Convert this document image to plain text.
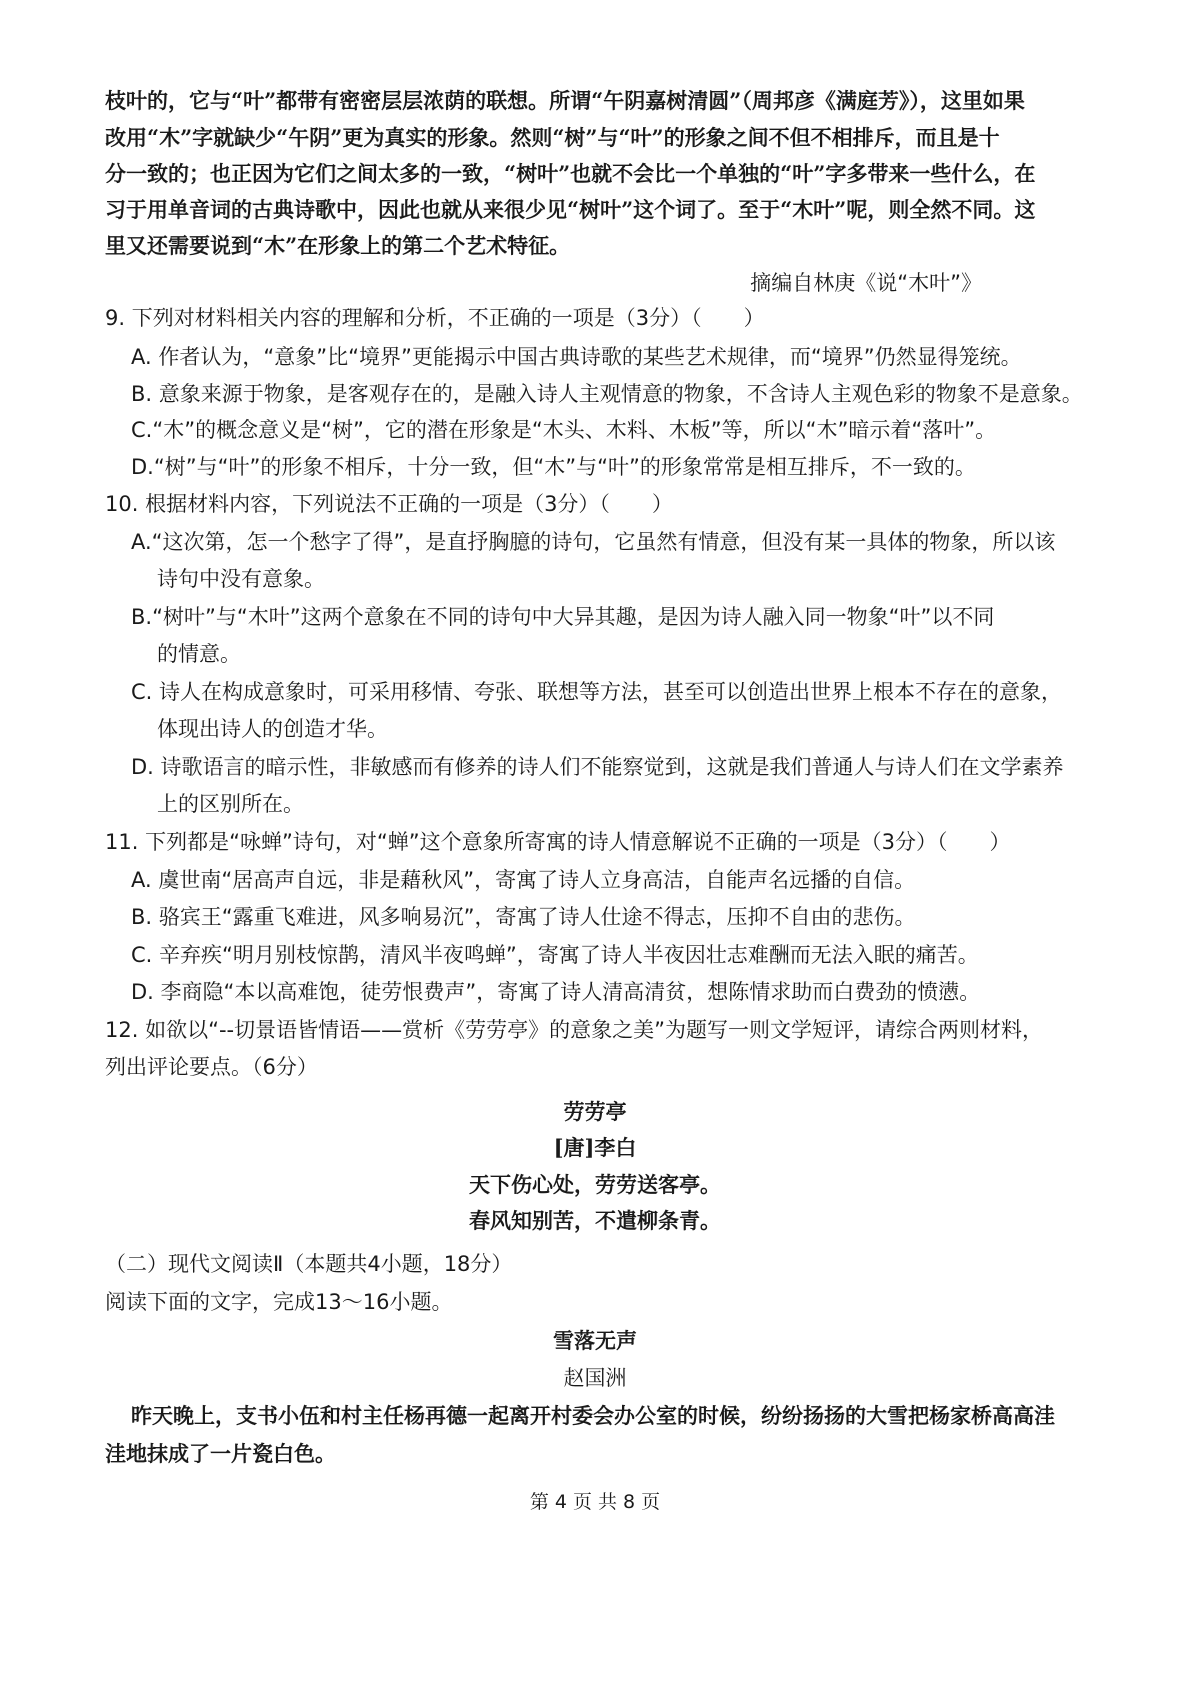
枝叶的，它与“叶”都带有密密层层浓荫的联想。所谓“午阴嘉树清圆”（周邦彦《满庭芳》），这里如果
改用“木”字就缺少“午阴”更为真实的形象。然则“树”与“叶”的形象之间不但不相排斥，而且是十
分一致的；也正因为它们之间太多的一致，“树叶”也就不会比一个单独的“叶”字多带来一些什么，在
习于用单音词的古典诗歌中，因此也就从来很少见“树叶”这个词了。至于“木叶”呢，则全然不同。这
里又还需要说到“木”在形象上的第二个艺术特征。
摘编自林庚《说“木叶”》
9. 下列对材料相关内容的理解和分析，不正确的一项是（3分）（　　）
A. 作者认为，“意象”比“境界”更能揭示中国古典诗歌的某些艺术规律，而“境界”仍然显得笼统。
B. 意象来源于物象，是客观存在的，是融入诗人主观情意的物象，不含诗人主观色彩的物象不是意象。
C.“木”的概念意义是“树”，它的潜在形象是“木头、木料、木板”等，所以“木”暗示着“落叶”。
D.“树”与“叶”的形象不相斥，十分一致，但“木”与“叶”的形象常常是相互排斥，不一致的。
10. 根据材料内容，下列说法不正确的一项是（3分）（　　）
A.“这次第，怎一个愁字了得”，是直抒胸臆的诗句，它虽然有情意，但没有某一具体的物象，所以该
诗句中没有意象。
B.“树叶”与“木叶”这两个意象在不同的诗句中大异其趣，是因为诗人融入同一物象“叶”以不同
的情意。
C. 诗人在构成意象时，可采用移情、夸张、联想等方法，甚至可以创造出世界上根本不存在的意象，
体现出诗人的创造才华。
D. 诗歌语言的暗示性，非敏感而有修养的诗人们不能察觉到，这就是我们普通人与诗人们在文学素养
上的区别所在。
11. 下列都是“咏蝉”诗句，对“蝉”这个意象所寄寓的诗人情意解说不正确的一项是（3分）（　　）
A. 虞世南“居高声自远，非是藉秋风”，寄寓了诗人立身高洁，自能声名远播的自信。
B. 骆宾王“露重飞难进，风多响易沉”，寄寓了诗人仕途不得志，压抑不自由的悲伤。
C. 辛弃疾“明月别枝惊鹊，清风半夜鸣蝉”，寄寓了诗人半夜因壮志难酬而无法入眠的痛苦。
D. 李商隐“本以高难饱，徒劳恨费声”，寄寓了诗人清高清贫，想陈情求助而白费劲的愤懑。
12. 如欲以“--切景语皆情语——赏析《劳劳亭》的意象之美”为题写一则文学短评，请综合两则材料，
列出评论要点。（6分）
劳劳亭
[唐]李白
天下伤心处，劳劳送客亭。
春风知别苦，不遣柳条青。
（二）现代文阅读Ⅱ（本题共4小题，18分）
阅读下面的文字，完成13～16小题。
雪落无声
赵国洲
昨天晚上，支书小伍和村主任杨再德一起离开村委会办公室的时候，纷纷扬扬的大雪把杨家桥高高洼
洼地抹成了一片瓷白色。
第 4 页 共 8 页
